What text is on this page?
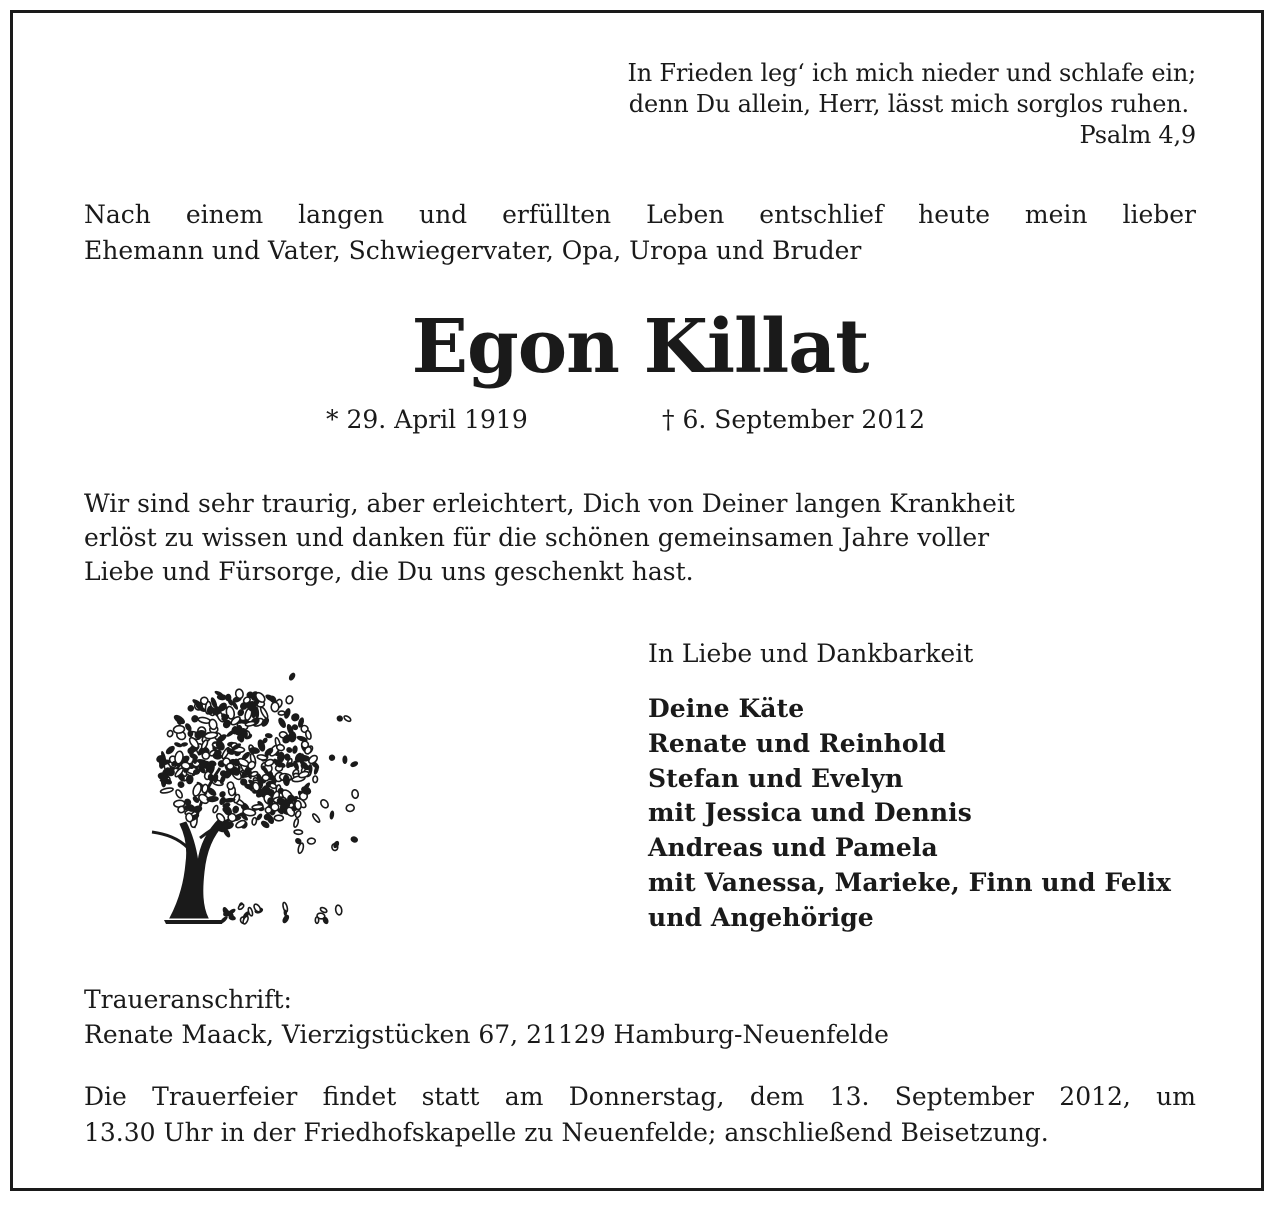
In Frieden leg‘ ich mich nieder und schlafe ein;
denn Du allein, Herr, lässt mich sorglos ruhen.
Psalm 4,9
Nach einem langen und erfüllten Leben entschlief heute mein lieber
Ehemann und Vater, Schwiegervater, Opa, Uropa und Bruder
Egon Killat
* 29. April 1919	† 6. September 2012
Wir sind sehr traurig, aber erleichtert, Dich von Deiner langen Krankheit
erlöst zu wissen und danken für die schönen gemeinsamen Jahre voller
Liebe und Fürsorge, die Du uns geschenkt hast.
In Liebe und Dankbarkeit
Deine Käte
Renate und Reinhold
Stefan und Evelyn
mit Jessica und Dennis
Andreas und Pamela
mit Vanessa, Marieke, Finn und Felix
und Angehörige
Traueranschrift:
Renate Maack, Vierzigstücken 67, 21129 Hamburg-Neuenfelde
Die Trauerfeier findet statt am Donnerstag, dem 13. September 2012, um
13.30 Uhr in der Friedhofskapelle zu Neuenfelde; anschließend Beisetzung.
